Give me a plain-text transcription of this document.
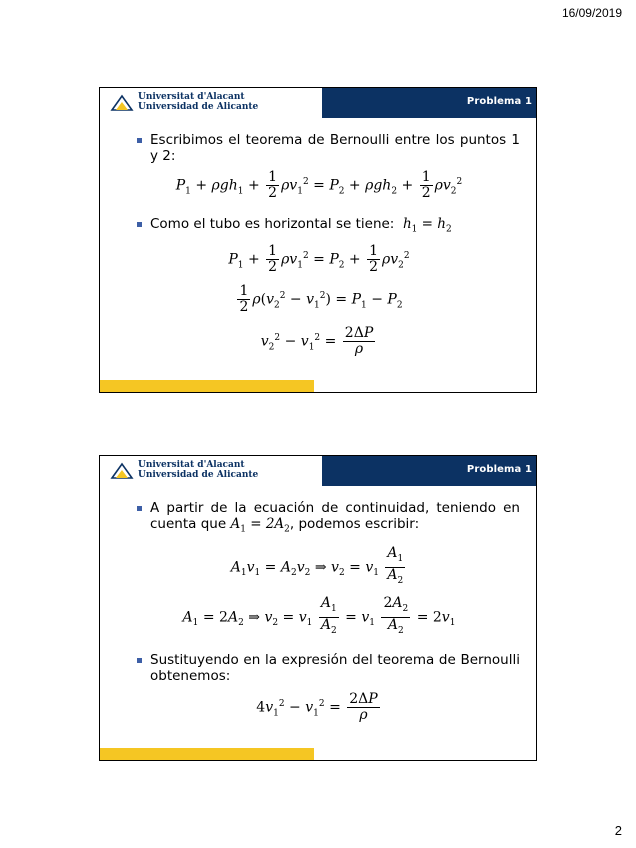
16/09/2019
Universitat d'Alacant
Universidad de Alicante	Problema 1
Escribimos el teorema de Bernoulli entre los puntos 1 y 2:
$P_1 + \rho gh_1 + \frac{1}{2} \rho v_1^2 = P_2 + \rho gh_2 + \frac{1}{2} \rho v_2^2$
Como el tubo es horizontal se tiene:  $h_1 = h_2$
$P_1 + \frac{1}{2} \rho v_1^2 = P_2 + \frac{1}{2} \rho v_2^2$
$\frac{1}{2} \rho(v_2^2 - v_1^2) = P_1 - P_2$
$v_2^2 - v_1^2 = \frac{2\Delta P}{\rho}$
Universitat d'Alacant
Universidad de Alicante	Problema 1
A partir de la ecuación de continuidad, teniendo en cuenta que $A_1 = 2A_2$, podemos escribir:
$A_1v_1 = A_2v_2$ ⇒ $v_2 = v_1 \frac{A_1}{A_2}$
$A_1 = 2A_2$ ⇒ $v_2 = v_1 \frac{A_1}{A_2} = v_1 \frac{2A_2}{A_2} = 2v_1$
Sustituyendo en la expresión del teorema de Bernoulli obtenemos:
$4v_1^2 - v_1^2 = \frac{2\Delta P}{\rho}$
2
